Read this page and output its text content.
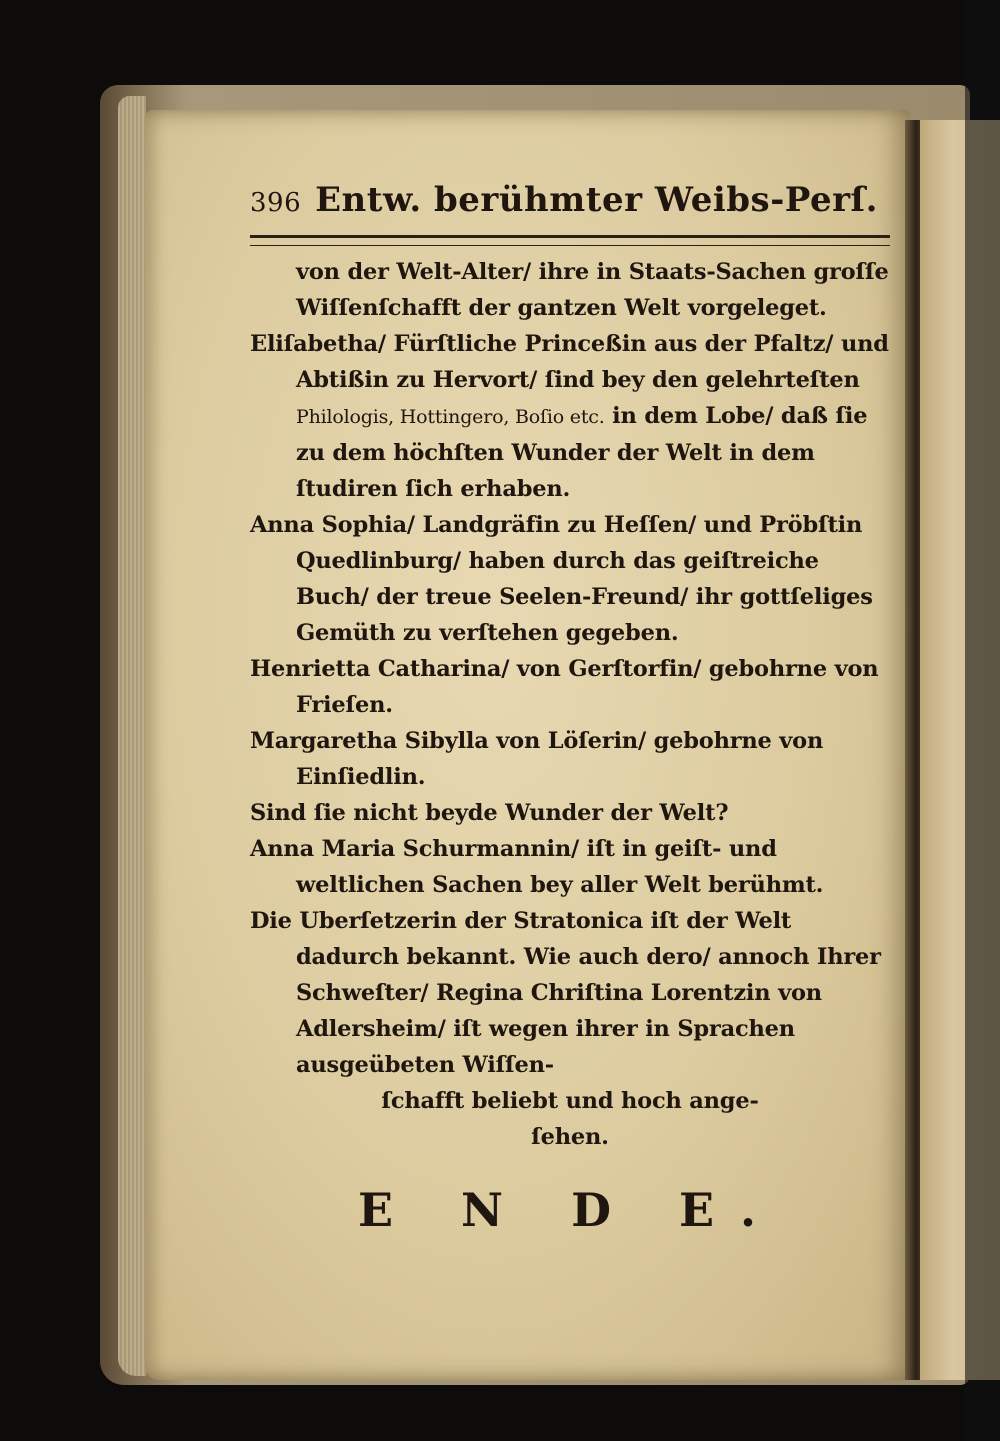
396 Entw. berühmter Weibs-Perſ.

von der Welt-Alter/ ihre in Staats-Sachen groſſe Wiſſenſchafft der gantzen Welt vorgeleget.

Eliſabetha/ Fürſtliche Princeßin aus der Pfaltz/ und Abtißin zu Hervort/ ſind bey den gelehrteſten Philologis, Hottingero, Boſio etc. in dem Lobe/ daß ſie zu dem höchſten Wunder der Welt in dem ſtudiren ſich erhaben.

Anna Sophia/ Landgräfin zu Heſſen/ und Pröbſtin Quedlinburg/ haben durch das geiſtreiche Buch/ der treue Seelen-Freund/ ihr gottſeliges Gemüth zu verſtehen gegeben.

Henrietta Catharina/ von Gerſtorfin/ gebohrne von Frieſen.

Margaretha Sibylla von Löſerin/ gebohrne von Einſiedlin.

Sind ſie nicht beyde Wunder der Welt?

Anna Maria Schurmannin/ iſt in geiſt- und weltlichen Sachen bey aller Welt berühmt.

Die Uberſetzerin der Stratonica iſt der Welt dadurch bekannt. Wie auch dero/ annoch Ihrer Schweſter/ Regina Chriſtina Lorentzin von Adlersheim/ iſt wegen ihrer in Sprachen ausgeübeten Wiſſen-

ſchafft beliebt und hoch ange-

ſehen.

E N D E.
